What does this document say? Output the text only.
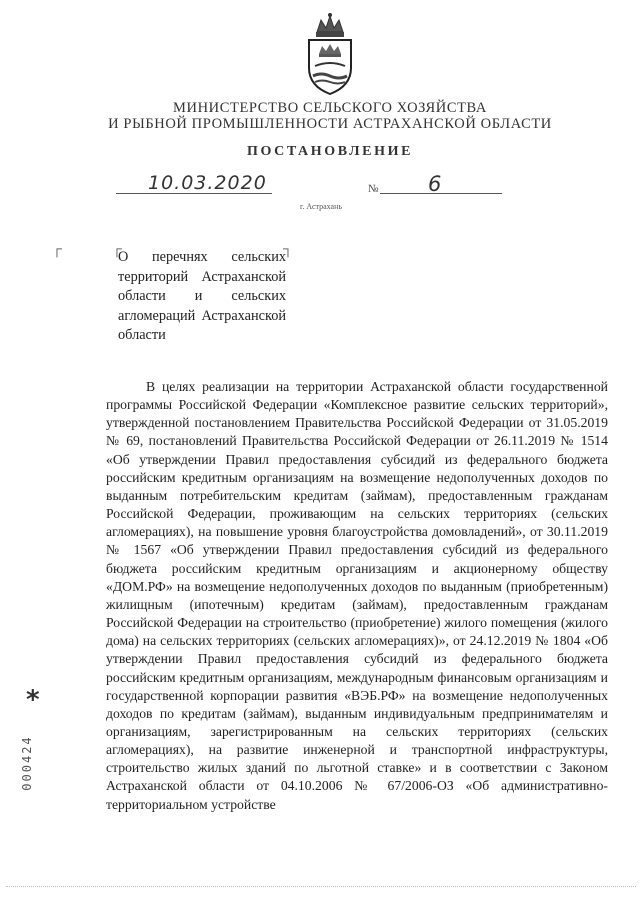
МИНИСТЕРСТВО СЕЛЬСКОГО ХОЗЯЙСТВА
И РЫБНОЙ ПРОМЫШЛЕННОСТИ АСТРАХАНСКОЙ ОБЛАСТИ
ПОСТАНОВЛЕНИЕ
10.03.2020	№ 6
г. Астрахань
┌	┌	┐
О перечнях сельских территорий Астраханской области и сельских агломераций Астраханской области
В целях реализации на территории Астраханской области государственной программы Российской Федерации «Комплексное развитие сельских территорий», утвержденной постановлением Правительства Российской Федерации от 31.05.2019 № 69, постановлений Правительства Российской Федерации от 26.11.2019 № 1514 «Об утверждении Правил предоставления субсидий из федерального бюджета российским кредитным организациям на возмещение недополученных доходов по выданным потребительским кредитам (займам), предоставленным гражданам Российской Федерации, проживающим на сельских территориях (сельских агломерациях), на повышение уровня благоустройства домовладений», от 30.11.2019 № 1567 «Об утверждении Правил предоставления субсидий из федерального бюджета российским кредитным организациям и акционерному обществу «ДОМ.РФ» на возмещение недополученных доходов по выданным (приобретенным) жилищным (ипотечным) кредитам (займам), предоставленным гражданам Российской Федерации на строительство (приобретение) жилого помещения (жилого дома) на сельских территориях (сельских агломерациях)», от 24.12.2019 № 1804 «Об утверждении Правил предоставления субсидий из федерального бюджета российским кредитным организациям, международным финансовым организациям и государственной корпорации развития «ВЭБ.РФ» на возмещение недополученных доходов по кредитам (займам), выданным индивидуальным предпринимателям и организациям, зарегистрированным на сельских территориях (сельских агломерациях), на развитие инженерной и транспортной инфраструктуры, строительство жилых зданий по льготной ставке» и в соответствии с Законом Астраханской области от 04.10.2006 № 67/2006-ОЗ «Об административно-территориальном устройстве
*
000424
